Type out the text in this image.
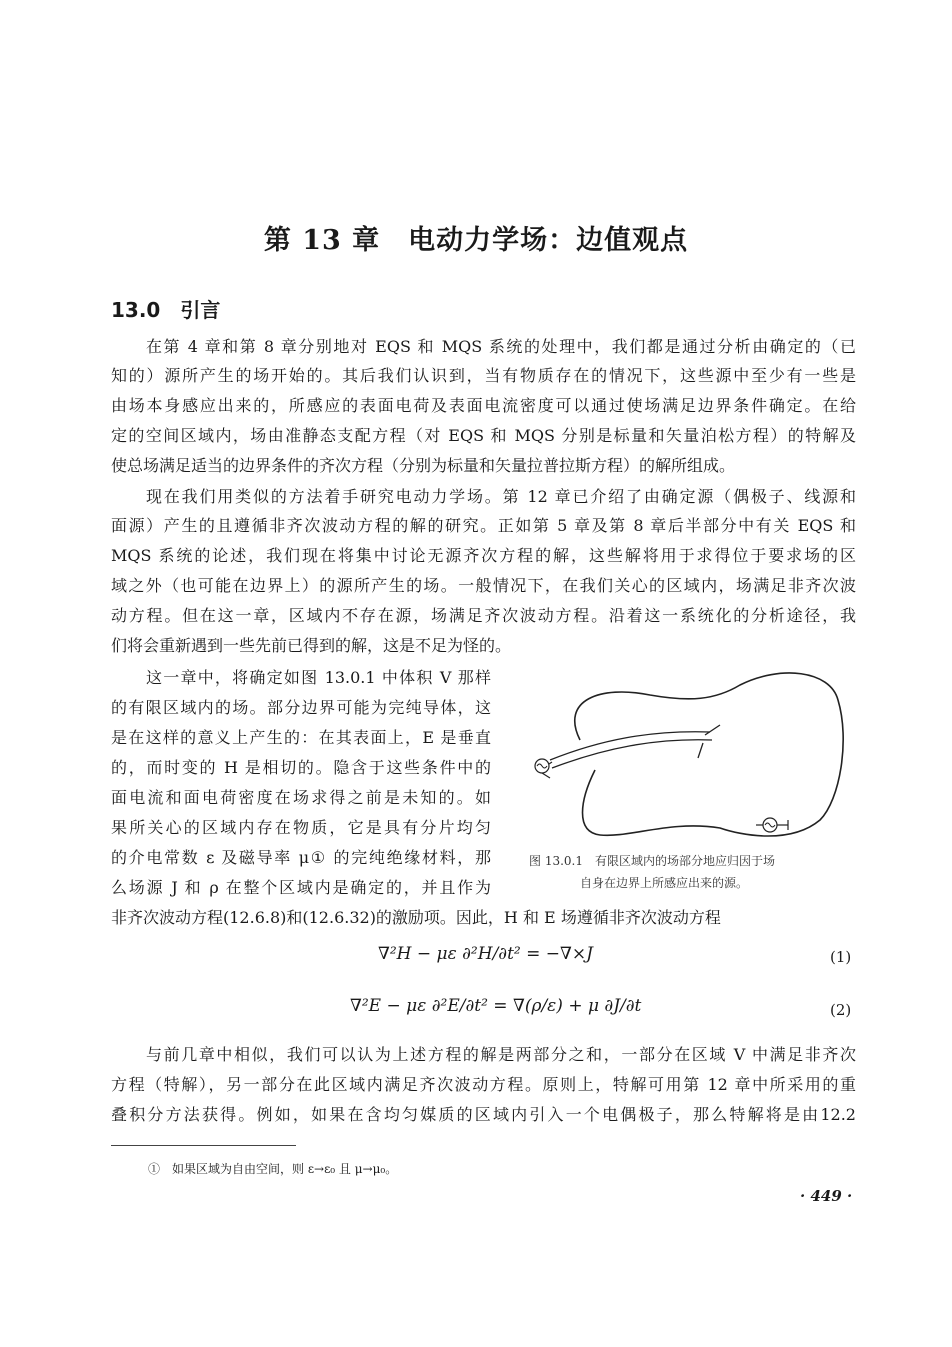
第 13 章　电动力学场：边值观点
13.0　引言
在第 4 章和第 8 章分别地对 EQS 和 MQS 系统的处理中，我们都是通过分析由确定的（已
知的）源所产生的场开始的。其后我们认识到，当有物质存在的情况下，这些源中至少有一些是
由场本身感应出来的，所感应的表面电荷及表面电流密度可以通过使场满足边界条件确定。在给
定的空间区域内，场由准静态支配方程（对 EQS 和 MQS 分别是标量和矢量泊松方程）的特解及
使总场满足适当的边界条件的齐次方程（分别为标量和矢量拉普拉斯方程）的解所组成。
现在我们用类似的方法着手研究电动力学场。第 12 章已介绍了由确定源（偶极子、线源和
面源）产生的且遵循非齐次波动方程的解的研究。正如第 5 章及第 8 章后半部分中有关 EQS 和
MQS 系统的论述，我们现在将集中讨论无源齐次方程的解，这些解将用于求得位于要求场的区
域之外（也可能在边界上）的源所产生的场。一般情况下，在我们关心的区域内，场满足非齐次波
动方程。但在这一章，区域内不存在源，场满足齐次波动方程。沿着这一系统化的分析途径，我
们将会重新遇到一些先前已得到的解，这是不足为怪的。
这一章中，将确定如图 13.0.1 中体积 V 那样
的有限区域内的场。部分边界可能为完纯导体，这
是在这样的意义上产生的：在其表面上，E 是垂直
的，而时变的 H 是相切的。隐含于这些条件中的
面电流和面电荷密度在场求得之前是未知的。如
果所关心的区域内存在物质，它是具有分片均匀
的介电常数 ε 及磁导率 μ① 的完纯绝缘材料，那
么场源 J 和 ρ 在整个区域内是确定的，并且作为
非齐次波动方程(12.6.8)和(12.6.32)的激励项。因此，H 和 E 场遵循非齐次波动方程
图 13.0.1　有限区域内的场部分地应归因于场
自身在边界上所感应出来的源。
∇²H − με ∂²H/∂t² = −∇×J	(1)
∇²E − με ∂²E/∂t² = ∇(ρ/ε) + μ ∂J/∂t	(2)
与前几章中相似，我们可以认为上述方程的解是两部分之和，一部分在区域 V 中满足非齐次
方程（特解），另一部分在此区域内满足齐次波动方程。原则上，特解可用第 12 章中所采用的重
叠积分方法获得。例如，如果在含均匀媒质的区域内引入一个电偶极子，那么特解将是由12.2
①　如果区域为自由空间，则 ε→ε₀ 且 μ→μ₀。
· 449 ·
